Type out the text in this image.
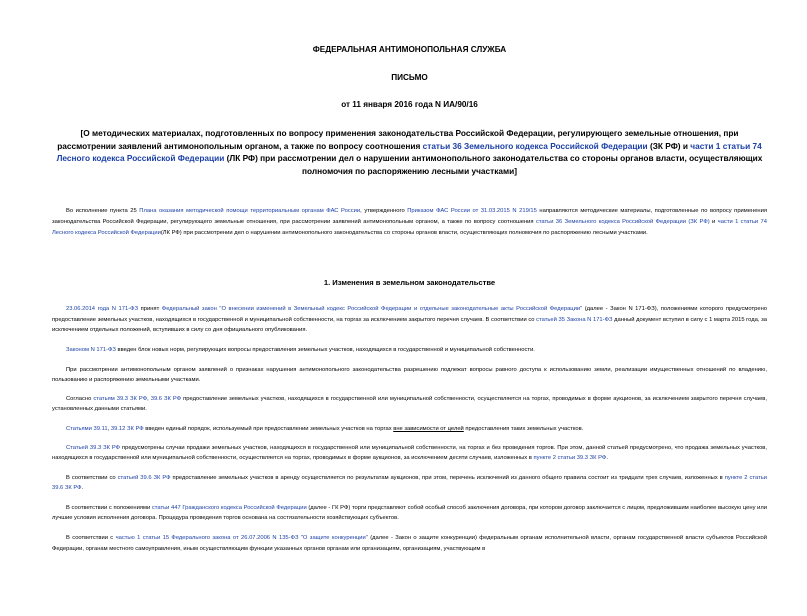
ФЕДЕРАЛЬНАЯ АНТИМОНОПОЛЬНАЯ СЛУЖБА
ПИСЬМО
от 11 января 2016 года N ИА/90/16
[О методических материалах, подготовленных по вопросу применения законодательства Российской Федерации, регулирующего земельные отношения, при рассмотрении заявлений антимонопольным органом, а также по вопросу соотношения статьи 36 Земельного кодекса Российской Федерации (ЗК РФ) и части 1 статьи 74 Лесного кодекса Российской Федерации (ЛК РФ) при рассмотрении дел о нарушении антимонопольного законодательства со стороны органов власти, осуществляющих полномочия по распоряжению лесными участками]

Во исполнение пункта 25 Плана оказания методической помощи территориальным органам ФАС России, утвержденного Приказом ФАС России от 31.03.2015 N 219/15 направляются методические материалы, подготовленные по вопросу применения законодательства Российской Федерации, регулирующего земельные отношения, при рассмотрении заявлений антимонопольным органом, а также по вопросу соотношения статьи 36 Земельного кодекса Российской Федерации (ЗК РФ) и части 1 статьи 74 Лесного кодекса Российской Федерации(ЛК РФ) при рассмотрении дел о нарушении антимонопольного законодательства со стороны органов власти, осуществляющих полномочия по распоряжению лесными участками.

1. Изменения в земельном законодательстве

23.06.2014 года N 171-ФЗ принят Федеральный закон "О внесении изменений в Земельный кодекс Российской Федерации и отдельные законодательные акты Российской Федерации" (далее - Закон N 171-ФЗ), положениями которого предусмотрено предоставление земельных участков, находящихся в государственной и муниципальной собственности, на торгах за исключением закрытого перечня случаев. В соответствии со статьей 35 Закона N 171-ФЗ данный документ вступил в силу с 1 марта 2015 года, за исключением отдельных положений, вступивших в силу со дня официального опубликования.

Законом N 171-ФЗ введен блок новых норм, регулирующих вопросы предоставления земельных участков, находящихся в государственной и муниципальной собственности.

При рассмотрении антимонопольным органом заявлений о признаках нарушения антимонопольного законодательства разрешению подлежат вопросы равного доступа к использованию земли, реализации имущественных отношений по владению, пользованию и распоряжению земельными участками.

Согласно статьям 39.3 ЗК РФ, 39.6 ЗК РФ предоставление земельных участков, находящихся в государственной или муниципальной собственности, осуществляется на торгах, проводимых в форме аукционов, за исключением закрытого перечня случаев, установленных данными статьями.

Статьями 39.11, 39.12 ЗК РФ введен единый порядок, используемый при предоставлении земельных участков на торгах вне зависимости от целей предоставления таких земельных участков.

Статьей 39.3 ЗК РФ предусмотрены случаи продажи земельных участков, находящихся в государственной или муниципальной собственности, на торгах и без проведения торгов. При этом, данной статьей предусмотрено, что продажа земельных участков, находящихся в государственной или муниципальной собственности, осуществляется на торгах, проводимых в форме аукционов, за исключением десяти случаев, изложенных в пункте 2 статьи 39.3 ЗК РФ.

В соответствии со статьей 39.6 ЗК РФ предоставление земельных участков в аренду осуществляется по результатам аукционов, при этом, перечень исключений из данного общего правила состоит из тридцати трех случаев, изложенных в пункте 2 статьи 39.6 ЗК РФ.

В соответствии с положениями статьи 447 Гражданского кодекса Российской Федерации (далее - ГК РФ) торги представляют собой особый способ заключения договора, при котором договор заключается с лицом, предложившим наиболее высокую цену или лучшие условия исполнения договора. Процедура проведения торгов основана на состязательности хозяйствующих субъектов.

В соответствии с частью 1 статьи 15 Федерального закона от 26.07.2006 N 135-ФЗ "О защите конкуренции" (далее - Закон о защите конкуренции) федеральным органам исполнительной власти, органам государственной власти субъектов Российской Федерации, органам местного самоуправления, иным осуществляющим функции указанных органов органам или организациям, организациям, участвующим в
